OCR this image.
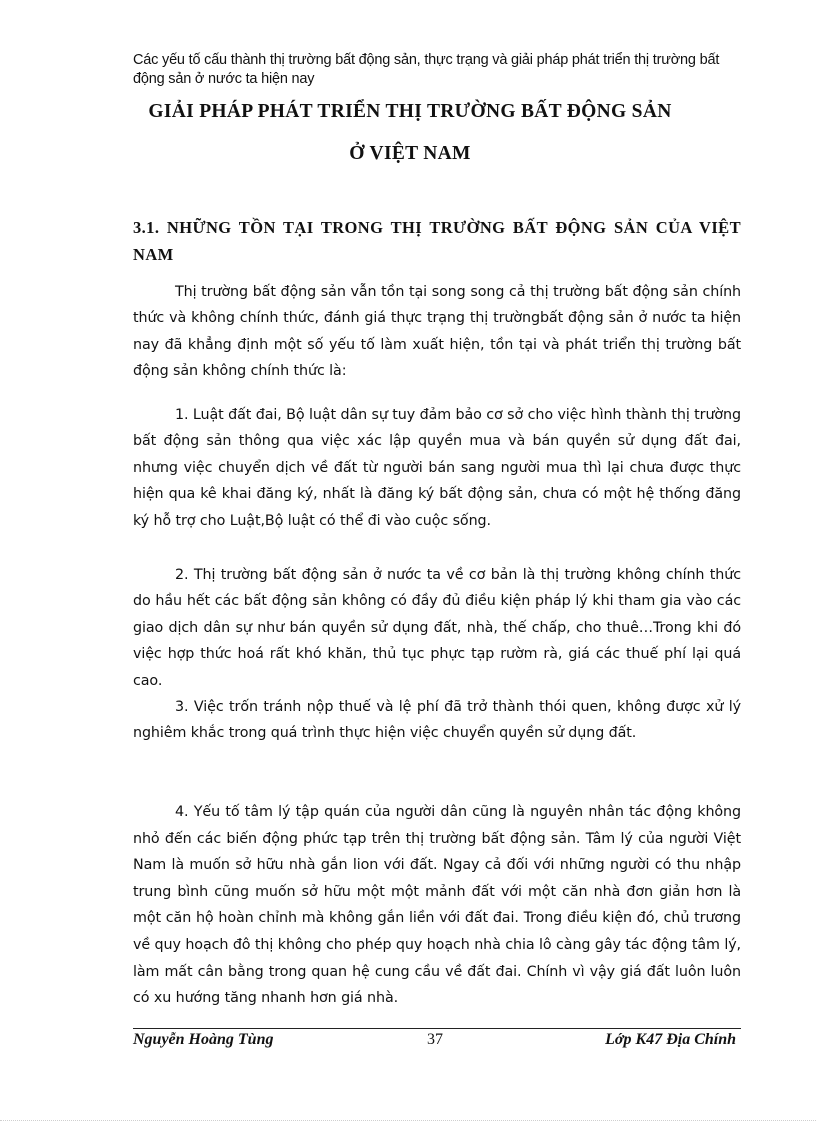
Các yếu tố cấu thành thị trường bất động sản, thực trạng và giải pháp phát triển thị trường bất động sản ở nước ta hiện nay
GIẢI PHÁP PHÁT TRIỂN THỊ TRƯỜNG BẤT ĐỘNG SẢN
Ở VIỆT NAM
3.1. NHỮNG TỒN TẠI TRONG THỊ TRƯỜNG BẤT ĐỘNG SẢN CỦA VIỆT NAM
Thị trường bất động sản vẫn tồn tại song song cả thị trường bất động sản chính thức và không chính thức, đánh giá thực trạng thị trườngbất động sản ở nước ta hiện nay đã khẳng định một số yếu tố làm xuất hiện, tồn tại và phát triển thị trường bất động sản không chính thức là:
1. Luật đất đai, Bộ luật dân sự tuy đảm bảo cơ sở cho việc hình thành thị trường bất động sản thông qua việc xác lập quyền mua và bán quyền sử dụng đất đai, nhưng việc chuyển dịch về đất từ người bán sang người mua thì lại chưa được thực hiện qua kê khai đăng ký, nhất là đăng ký bất động sản, chưa có một hệ thống đăng ký hỗ trợ cho Luật,Bộ luật có thể đi vào cuộc sống.
2. Thị trường bất động sản ở nước ta về cơ bản là thị trường không chính thức do hầu hết các bất động sản không có đầy đủ điều kiện pháp lý khi tham gia vào các giao dịch dân sự như bán quyền sử dụng đất, nhà, thế chấp, cho thuê…Trong khi đó việc hợp thức hoá rất khó khăn, thủ tục phực tạp rườm rà, giá các thuế phí lại quá cao.
3. Việc trốn tránh nộp thuế và lệ phí đã trở thành thói quen, không được xử lý nghiêm khắc trong quá trình thực hiện việc chuyển quyền sử dụng đất.
4. Yếu tố tâm lý tập quán của người dân cũng là nguyên nhân tác động không nhỏ đến các biến động phức tạp trên thị trường bất động sản. Tâm lý của người Việt Nam là muốn sở hữu nhà gắn lion với đất. Ngay cả đối với những người có thu nhập trung bình cũng muốn sở hữu một một mảnh đất với một căn nhà đơn giản hơn là một căn hộ hoàn chỉnh mà không gắn liền với đất đai. Trong điều kiện đó, chủ trương về quy hoạch đô thị không cho phép quy hoạch nhà chia lô càng gây tác động tâm lý, làm mất cân bằng trong quan hệ cung cầu về đất đai. Chính vì vậy giá đất luôn luôn có xu hướng tăng nhanh hơn giá nhà.
Nguyễn Hoàng Tùng	37	Lớp K47 Địa Chính
